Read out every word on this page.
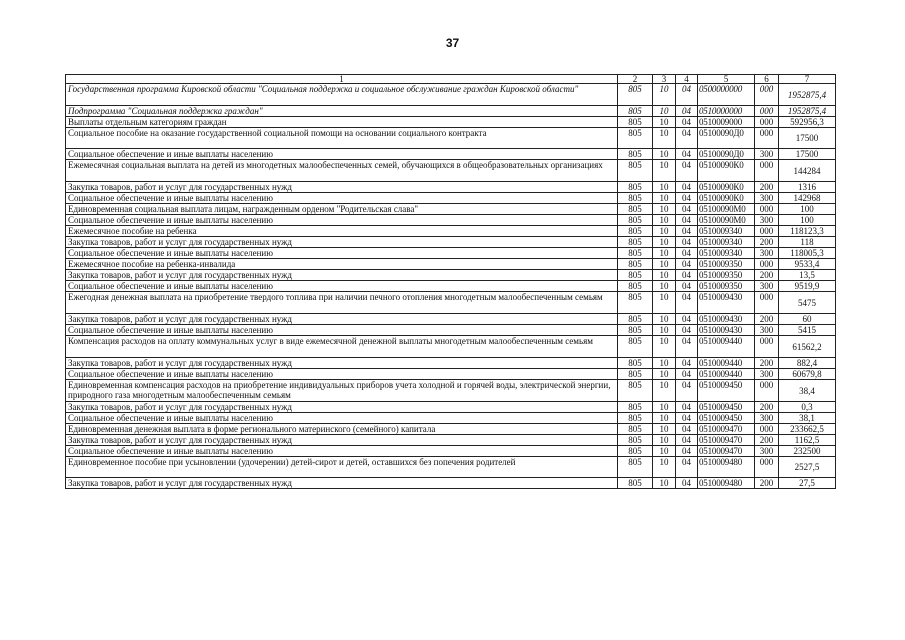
37
1	2	3	4	5	6	7
Государственная программа Кировской области "Социальная поддержка и социальное обслуживание граждан Кировской области"	805	10	04	0500000000	000	1952875,4
Подпрограмма "Социальная поддержка граждан"	805	10	04	0510000000	000	1952875,4
Выплаты отдельным категориям граждан	805	10	04	0510009000	000	592956,3
Социальное пособие на оказание государственной социальной помощи на основании социального контракта	805	10	04	05100090Д0	000	17500
Социальное обеспечение и иные выплаты населению	805	10	04	05100090Д0	300	17500
Ежемесячная социальная выплата на детей из многодетных малообеспеченных семей, обучающихся в общеобразовательных организациях	805	10	04	05100090К0	000	144284
Закупка товаров, работ и услуг для государственных нужд	805	10	04	05100090К0	200	1316
Социальное обеспечение и иные выплаты населению	805	10	04	05100090К0	300	142968
Единовременная социальная выплата лицам, награжденным орденом "Родительская слава"	805	10	04	05100090М0	000	100
Социальное обеспечение и иные выплаты населению	805	10	04	05100090М0	300	100
Ежемесячное пособие на ребенка	805	10	04	0510009340	000	118123,3
Закупка товаров, работ и услуг для государственных нужд	805	10	04	0510009340	200	118
Социальное обеспечение и иные выплаты населению	805	10	04	0510009340	300	118005,3
Ежемесячное пособие на ребенка-инвалида	805	10	04	0510009350	000	9533,4
Закупка товаров, работ и услуг для государственных нужд	805	10	04	0510009350	200	13,5
Социальное обеспечение и иные выплаты населению	805	10	04	0510009350	300	9519,9
Ежегодная денежная выплата на приобретение твердого топлива при наличии печного отопления многодетным малообеспеченным семьям	805	10	04	0510009430	000	5475
Закупка товаров, работ и услуг для государственных нужд	805	10	04	0510009430	200	60
Социальное обеспечение и иные выплаты населению	805	10	04	0510009430	300	5415
Компенсация расходов на оплату коммунальных услуг в виде ежемесячной денежной выплаты многодетным малообеспеченным семьям	805	10	04	0510009440	000	61562,2
Закупка товаров, работ и услуг для государственных нужд	805	10	04	0510009440	200	882,4
Социальное обеспечение и иные выплаты населению	805	10	04	0510009440	300	60679,8
Единовременная компенсация расходов на приобретение индивидуальных приборов учета холодной и горячей воды, электрической энергии, природного газа многодетным малообеспеченным семьям	805	10	04	0510009450	000	38,4
Закупка товаров, работ и услуг для государственных нужд	805	10	04	0510009450	200	0,3
Социальное обеспечение и иные выплаты населению	805	10	04	0510009450	300	38,1
Единовременная денежная выплата в форме регионального материнского (семейного) капитала	805	10	04	0510009470	000	233662,5
Закупка товаров, работ и услуг для государственных нужд	805	10	04	0510009470	200	1162,5
Социальное обеспечение и иные выплаты населению	805	10	04	0510009470	300	232500
Единовременное пособие при усыновлении (удочерении) детей-сирот и детей, оставшихся без попечения родителей	805	10	04	0510009480	000	2527,5
Закупка товаров, работ и услуг для государственных нужд	805	10	04	0510009480	200	27,5
